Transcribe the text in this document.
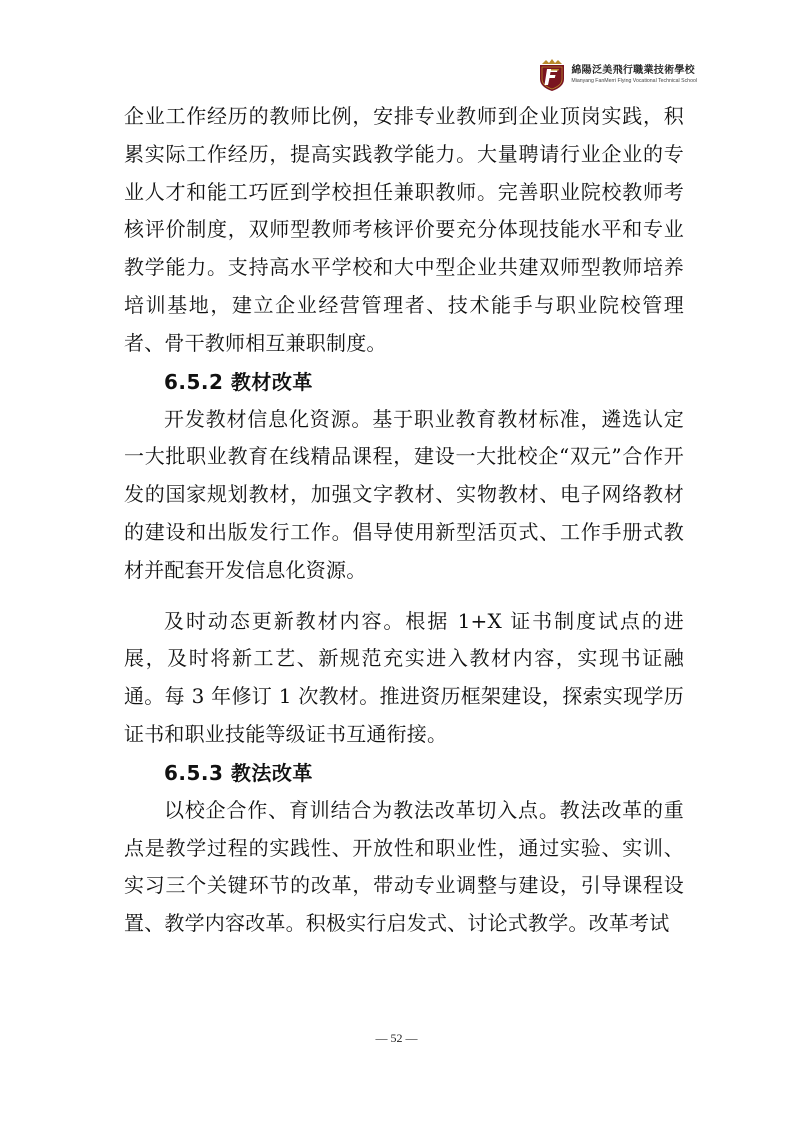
綿陽泛美飛行職業技術學校
Mianyang FanMerri Flying Vocational Technical School

企业工作经历的教师比例，安排专业教师到企业顶岗实践，积累实际工作经历，提高实践教学能力。大量聘请行业企业的专业人才和能工巧匠到学校担任兼职教师。完善职业院校教师考核评价制度，双师型教师考核评价要充分体现技能水平和专业教学能力。支持高水平学校和大中型企业共建双师型教师培养培训基地，建立企业经营管理者、技术能手与职业院校管理者、骨干教师相互兼职制度。

6.5.2 教材改革

开发教材信息化资源。基于职业教育教材标准，遴选认定一大批职业教育在线精品课程，建设一大批校企“双元”合作开发的国家规划教材，加强文字教材、实物教材、电子网络教材的建设和出版发行工作。倡导使用新型活页式、工作手册式教材并配套开发信息化资源。

及时动态更新教材内容。根据 1+X 证书制度试点的进展，及时将新工艺、新规范充实进入教材内容，实现书证融通。每 3 年修订 1 次教材。推进资历框架建设，探索实现学历证书和职业技能等级证书互通衔接。

6.5.3 教法改革

以校企合作、育训结合为教法改革切入点。教法改革的重点是教学过程的实践性、开放性和职业性，通过实验、实训、实习三个关键环节的改革，带动专业调整与建设，引导课程设置、教学内容改革。积极实行启发式、讨论式教学。改革考试

— 52 —
